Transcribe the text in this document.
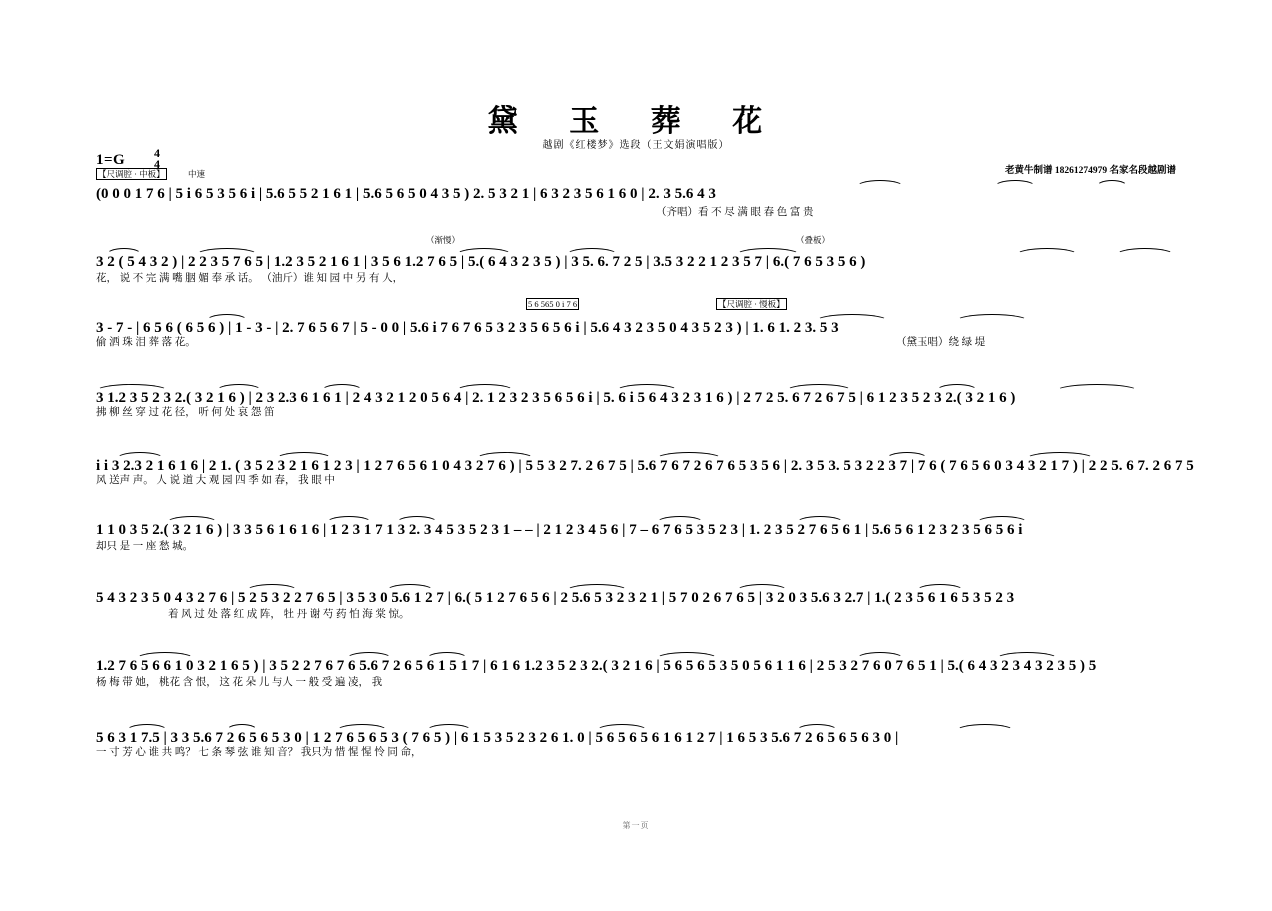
黛 玉 葬 花
越剧《红楼梦》选段（王文娟演唱版）
1=G	4
4	老黄牛制谱 18261274979 名家名段越剧谱
【尺调腔 · 中板】	中速
(0 0 0 1 7 6 | 5 i 6 5 3 5 6 i | 5.6 5 5 2 1 6 1 | 5.6 5 6 5 0 4 3 5 ) 2. 5 3 2 1 | 6 3 2 3 5 6 1 6 0 | 2. 3 5.6 4 3
（齐唱）看 不 尽 满 眼 春 色 富 贵
（渐慢）	（叠板）
3 2 ( 5 4 3 2 ) | 2 2 3 5 7 6 5 | 1.2 3 5 2 1 6 1 | 3 5 6 1.2 7 6 5 | 5.( 6 4 3 2 3 5 ) | 3 5. 6. 7 2 5 | 3.5 3 2 2 1 2 3 5 7 | 6.( 7 6 5 3 5 6 )
花， 说 不 完 满 嘴 胭 媚 奉 承 话。 （油斤）谁 知 园 中 另 有 人，
5 6 565 0 i 7 6	【尺调腔 · 慢板】
3 - 7 - | 6 5 6 ( 6 5 6 ) | 1 - 3 - | 2. 7 6 5 6 7 | 5 - 0 0 | 5.6 i 7 6 7 6 5 3 2 3 5 6 5 6 i | 5.6 4 3 2 3 5 0 4 3 5 2 3 ) | 1. 6 1. 2 3. 5 3
偷 洒 珠 泪 葬 落 花。	（黛玉唱）绕 绿 堤
3 1.2 3 5 2 3 2.( 3 2 1 6 ) | 2 3 2.3 6 1 6 1 | 2 4 3 2 1 2 0 5 6 4 | 2. 1 2 3 2 3 5 6 5 6 i | 5. 6 i 5 6 4 3 2 3 1 6 ) | 2 7 2 5. 6 7 2 6 7 5 | 6 1 2 3 5 2 3 2.( 3 2 1 6 )
拂 柳 丝 穿 过 花 径， 听 何 处 哀 怨 笛
i i 3 2.3 2 1 6 1 6 | 2 1. ( 3 5 2 3 2 1 6 1 2 3 | 1 2 7 6 5 6 1 0 4 3 2 7 6 ) | 5 5 3 2 7. 2 6 7 5 | 5.6 7 6 7 2 6 7 6 5 3 5 6 | 2. 3 5 3. 5 3 2 2 3 7 | 7 6 ( 7 6 5 6 0 3 4 3 2 1 7 ) | 2 2 5. 6 7. 2 6 7 5
风 送声 声。 人 说 道 大 观 园 四 季 如 春， 我 眼 中
1 1 0 3 5 2.( 3 2 1 6 ) | 3 3 5 6 1 6 1 6 | 1 2 3 1 7 1 3 2. 3 4 5 3 5 2 3 1 – – | 2 1 2 3 4 5 6 | 7 – 6 7 6 5 3 5 2 3 | 1. 2 3 5 2 7 6 5 6 1 | 5.6 5 6 1 2 3 2 3 5 6 5 6 i
却只 是 一 座 愁 城。
5 4 3 2 3 5 0 4 3 2 7 6 | 5 2 5 3 2 2 7 6 5 | 3 5 3 0 5.6 1 2 7 | 6.( 5 1 2 7 6 5 6 | 2 5.6 5 3 2 3 2 1 | 5 7 0 2 6 7 6 5 | 3 2 0 3 5.6 3 2.7 | 1.( 2 3 5 6 1 6 5 3 5 2 3
着 风 过 处 落 红 成 阵， 牡 丹 谢 芍 药 怕 海 棠 惊。
1.2 7 6 5 6 6 1 0 3 2 1 6 5 ) | 3 5 2 2 7 6 7 6 5.6 7 2 6 5 6 1 5 1 7 | 6 1 6 1.2 3 5 2 3 2.( 3 2 1 6 | 5 6 5 6 5 3 5 0 5 6 1 1 6 | 2 5 3 2 7 6 0 7 6 5 1 | 5.( 6 4 3 2 3 4 3 2 3 5 ) 5
杨 梅 带 她， 桃花 含 恨， 这 花 朵 儿 与人 一 般 受 遍 凌， 我
5 6 3 1 7.5 | 3 3 5.6 7 2 6 5 6 5 3 0 | 1 2 7 6 5 6 5 3 ( 7 6 5 ) | 6 1 5 3 5 2 3 2 6 1. 0 | 5 6 5 6 5 6 1 6 1 2 7 | 1 6 5 3 5.6 7 2 6 5 6 5 6 3 0 |
一 寸 芳 心 谁 共 鸣？ 七 条 琴 弦 谁 知 音？ 我只为 惜 惺 惺 怜 同 命，
第一页
